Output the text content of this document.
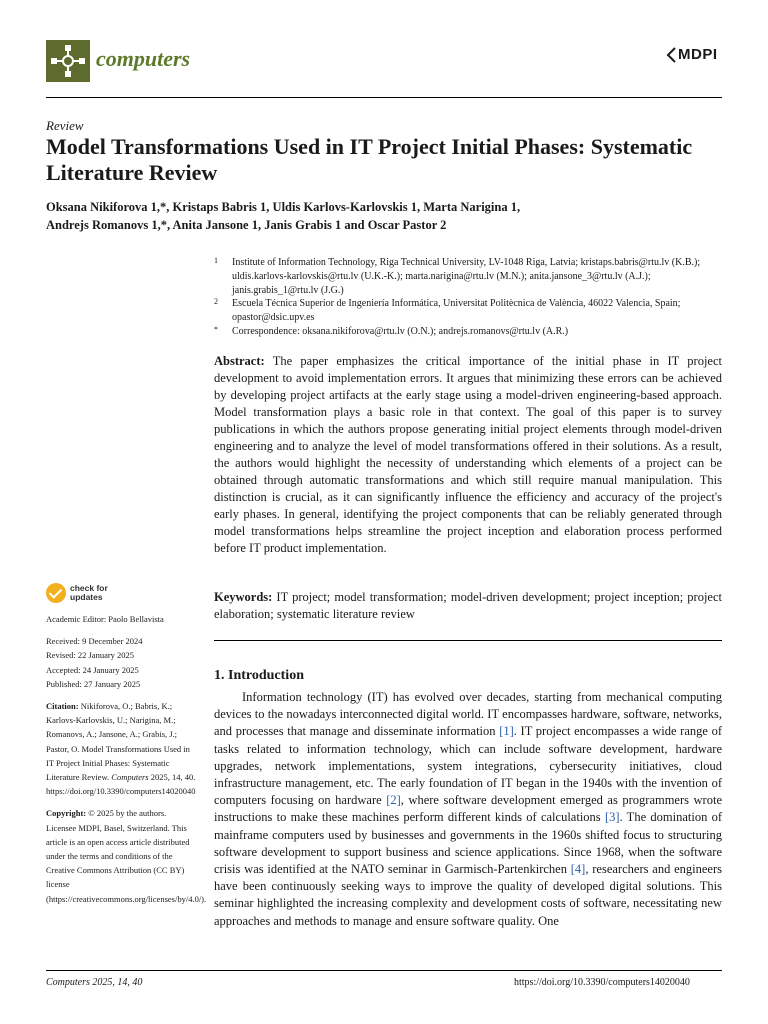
computers	MDPI
Review
Model Transformations Used in IT Project Initial Phases: Systematic Literature Review
Oksana Nikiforova 1,*, Kristaps Babris 1, Uldis Karlovs-Karlovskis 1, Marta Narigina 1,
Andrejs Romanovs 1,*, Anita Jansone 1, Janis Grabis 1 and Oscar Pastor 2
1 Institute of Information Technology, Riga Technical University, LV-1048 Riga, Latvia; kristaps.babris@rtu.lv (K.B.); uldis.karlovs-karlovskis@rtu.lv (U.K.-K.); marta.narigina@rtu.lv (M.N.); anita.jansone_3@rtu.lv (A.J.); janis.grabis_1@rtu.lv (J.G.)
2 Escuela Técnica Superior de Ingeniería Informática, Universitat Politècnica de València, 46022 Valencia, Spain; opastor@dsic.upv.es
* Correspondence: oksana.nikiforova@rtu.lv (O.N.); andrejs.romanovs@rtu.lv (A.R.)
Abstract: The paper emphasizes the critical importance of the initial phase in IT project development to avoid implementation errors. It argues that minimizing these errors can be achieved by developing project artifacts at the early stage using a model-driven engineering-based approach. Model transformation plays a basic role in that context. The goal of this paper is to survey publications in which the authors propose generating initial project elements through model-driven engineering and to analyze the level of model transformations offered in their solutions. As a result, the authors would highlight the necessity of understanding which elements of a project can be obtained through automatic transformations and which still require manual manipulation. This distinction is crucial, as it can significantly influence the efficiency and accuracy of the project's early phases. In general, identifying the project components that can be reliably generated through model transformations helps streamline the project inception and elaboration process performed before IT product implementation.
Keywords: IT project; model transformation; model-driven development; project inception; project elaboration; systematic literature review
1. Introduction
Information technology (IT) has evolved over decades, starting from mechanical computing devices to the nowadays interconnected digital world. IT encompasses hardware, software, networks, and processes that manage and disseminate information [1]. IT project encompasses a wide range of tasks related to information technology, which can include software development, hardware upgrades, network implementations, system integrations, cybersecurity initiatives, cloud infrastructure management, etc. The early foundation of IT began in the 1940s with the invention of computers focusing on hardware [2], where software development emerged as programmers wrote instructions to make these machines perform different kinds of calculations [3]. The domination of mainframe computers used by businesses and governments in the 1960s shifted focus to structuring software development to support business and science applications. Since 1968, when the software crisis was identified at the NATO seminar in Garmisch-Partenkirchen [4], researchers and engineers have been continuously seeking ways to improve the quality of developed digital solutions. This seminar highlighted the increasing complexity and development costs of software, necessitating new approaches and methods to manage and ensure software quality. One
check for
updates

Academic Editor: Paolo Bellavista

Received: 9 December 2024

Revised: 22 January 2025

Accepted: 24 January 2025

Published: 27 January 2025

Citation: Nikiforova, O.; Babris, K.; Karlovs-Karlovskis, U.; Narigina, M.; Romanovs, A.; Jansone, A.; Grabis, J.; Pastor, O. Model Transformations Used in IT Project Initial Phases: Systematic Literature Review. Computers 2025, 14, 40. https://doi.org/10.3390/computers14020040

Copyright: © 2025 by the authors. Licensee MDPI, Basel, Switzerland. This article is an open access article distributed under the terms and conditions of the Creative Commons Attribution (CC BY) license (https://creativecommons.org/licenses/by/4.0/).

Computers 2025, 14, 40	https://doi.org/10.3390/computers14020040
